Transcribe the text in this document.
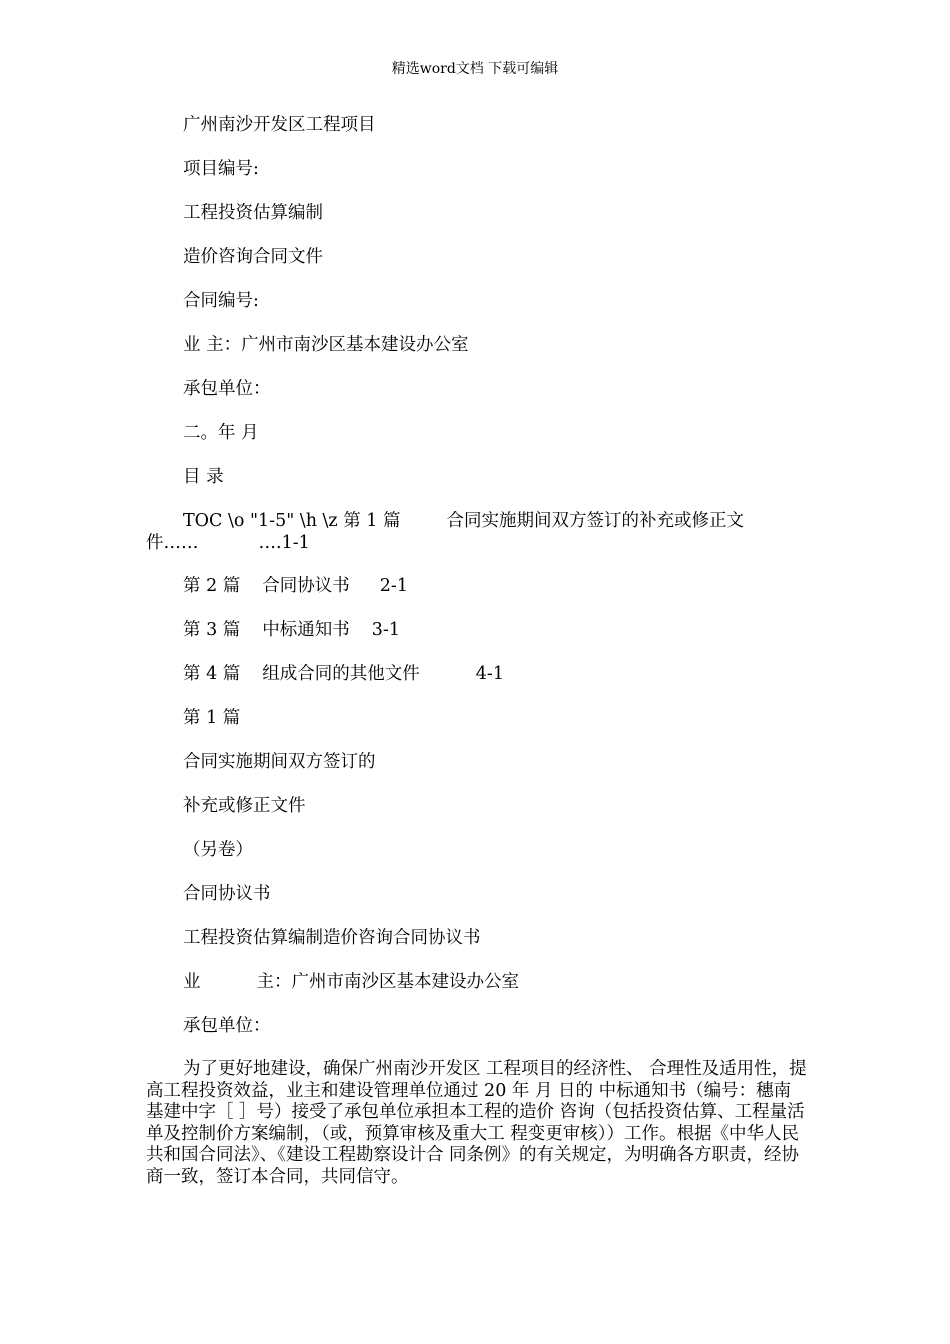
精选word文档 下载可编辑

广州南沙开发区工程项目

项目编号:

工程投资估算编制

造价咨询合同文件

合同编号:

业 主：广州市南沙区基本建设办公室

承包单位：

二。年 月

目 录

TOC \o "1-5" \h \z 第 1 篇	合同实施期间双方签订的补充或修正文

件……	….1-1

第 2 篇 合同协议书 2-1

第 3 篇 中标通知书 3-1

第 4 篇 组成合同的其他文件	4-1

第 1 篇

合同实施期间双方签订的

补充或修正文件

（另卷）

合同协议书

工程投资估算编制造价咨询合同协议书

业	主：广州市南沙区基本建设办公室

承包单位：

为了更好地建设，确保广州南沙开发区 工程项目的经济性、 合理性及适用性，提高工程投资效益，业主和建设管理单位通过 20 年 月 日的 中标通知书（编号：穗南基建中字［ ］号）接受了承包单位承担本工程的造价 咨询（包括投资估算、工程量活单及控制价方案编制，（或，预算审核及重大工 程变更审核））工作。根据《中华人民共和国合同法》、《建设工程勘察设计合 同条例》的有关规定，为明确各方职责，经协商一致，签订本合同，共同信守。
